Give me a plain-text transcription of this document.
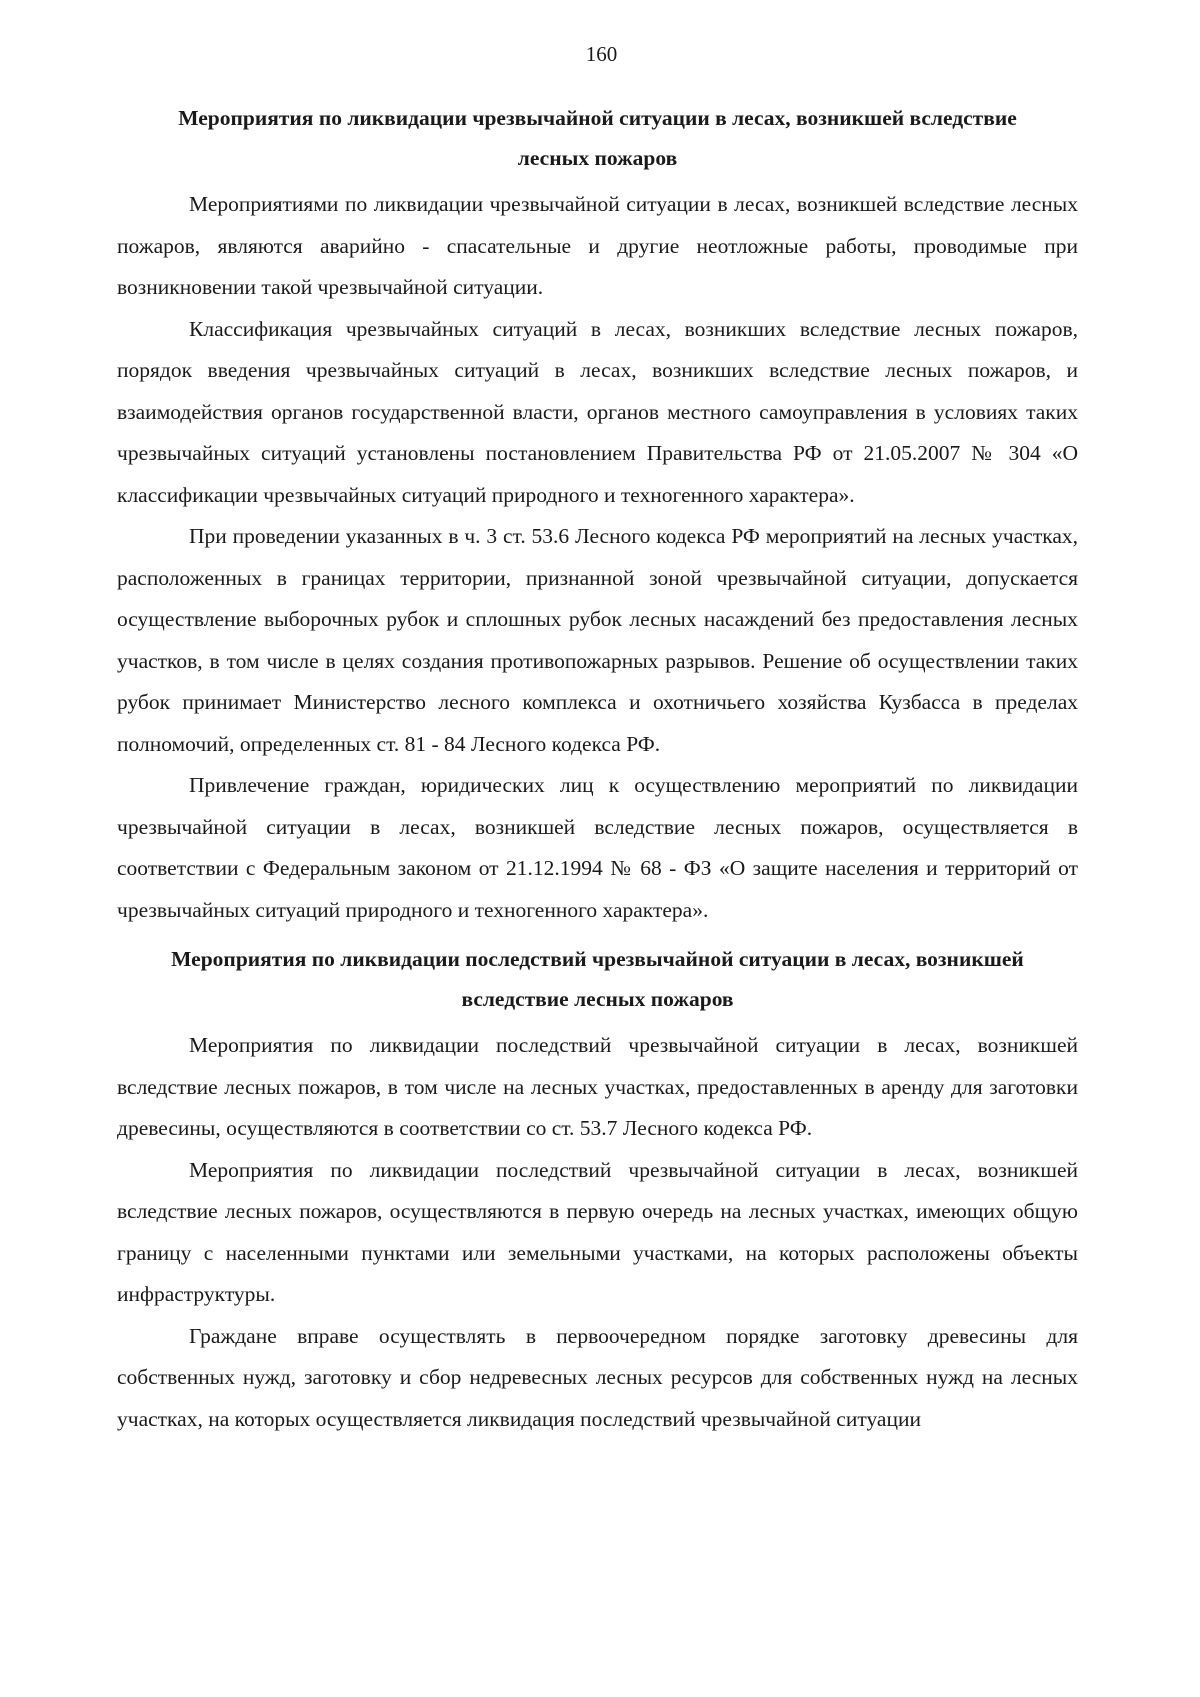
160
Мероприятия по ликвидации чрезвычайной ситуации в лесах, возникшей вследствие лесных пожаров

Мероприятиями по ликвидации чрезвычайной ситуации в лесах, возникшей вследствие лесных пожаров, являются аварийно - спасательные и другие неотложные работы, проводимые при возникновении такой чрезвычайной ситуации.

Классификация чрезвычайных ситуаций в лесах, возникших вследствие лесных пожаров, порядок введения чрезвычайных ситуаций в лесах, возникших вследствие лесных пожаров, и взаимодействия органов государственной власти, органов местного самоуправления в условиях таких чрезвычайных ситуаций установлены постановлением Правительства РФ от 21.05.2007 № 304 «О классификации чрезвычайных ситуаций природного и техногенного характера».

При проведении указанных в ч. 3 ст. 53.6 Лесного кодекса РФ мероприятий на лесных участках, расположенных в границах территории, признанной зоной чрезвычайной ситуации, допускается осуществление выборочных рубок и сплошных рубок лесных насаждений без предоставления лесных участков, в том числе в целях создания противопожарных разрывов. Решение об осуществлении таких рубок принимает Министерство лесного комплекса и охотничьего хозяйства Кузбасса в пределах полномочий, определенных ст. 81 - 84 Лесного кодекса РФ.

Привлечение граждан, юридических лиц к осуществлению мероприятий по ликвидации чрезвычайной ситуации в лесах, возникшей вследствие лесных пожаров, осуществляется в соответствии с Федеральным законом от 21.12.1994 № 68 - ФЗ «О защите населения и территорий от чрезвычайных ситуаций природного и техногенного характера».

Мероприятия по ликвидации последствий чрезвычайной ситуации в лесах, возникшей вследствие лесных пожаров

Мероприятия по ликвидации последствий чрезвычайной ситуации в лесах, возникшей вследствие лесных пожаров, в том числе на лесных участках, предоставленных в аренду для заготовки древесины, осуществляются в соответствии со ст. 53.7 Лесного кодекса РФ.

Мероприятия по ликвидации последствий чрезвычайной ситуации в лесах, возникшей вследствие лесных пожаров, осуществляются в первую очередь на лесных участках, имеющих общую границу с населенными пунктами или земельными участками, на которых расположены объекты инфраструктуры.

Граждане вправе осуществлять в первоочередном порядке заготовку древесины для собственных нужд, заготовку и сбор недревесных лесных ресурсов для собственных нужд на лесных участках, на которых осуществляется ликвидация последствий чрезвычайной ситуации
